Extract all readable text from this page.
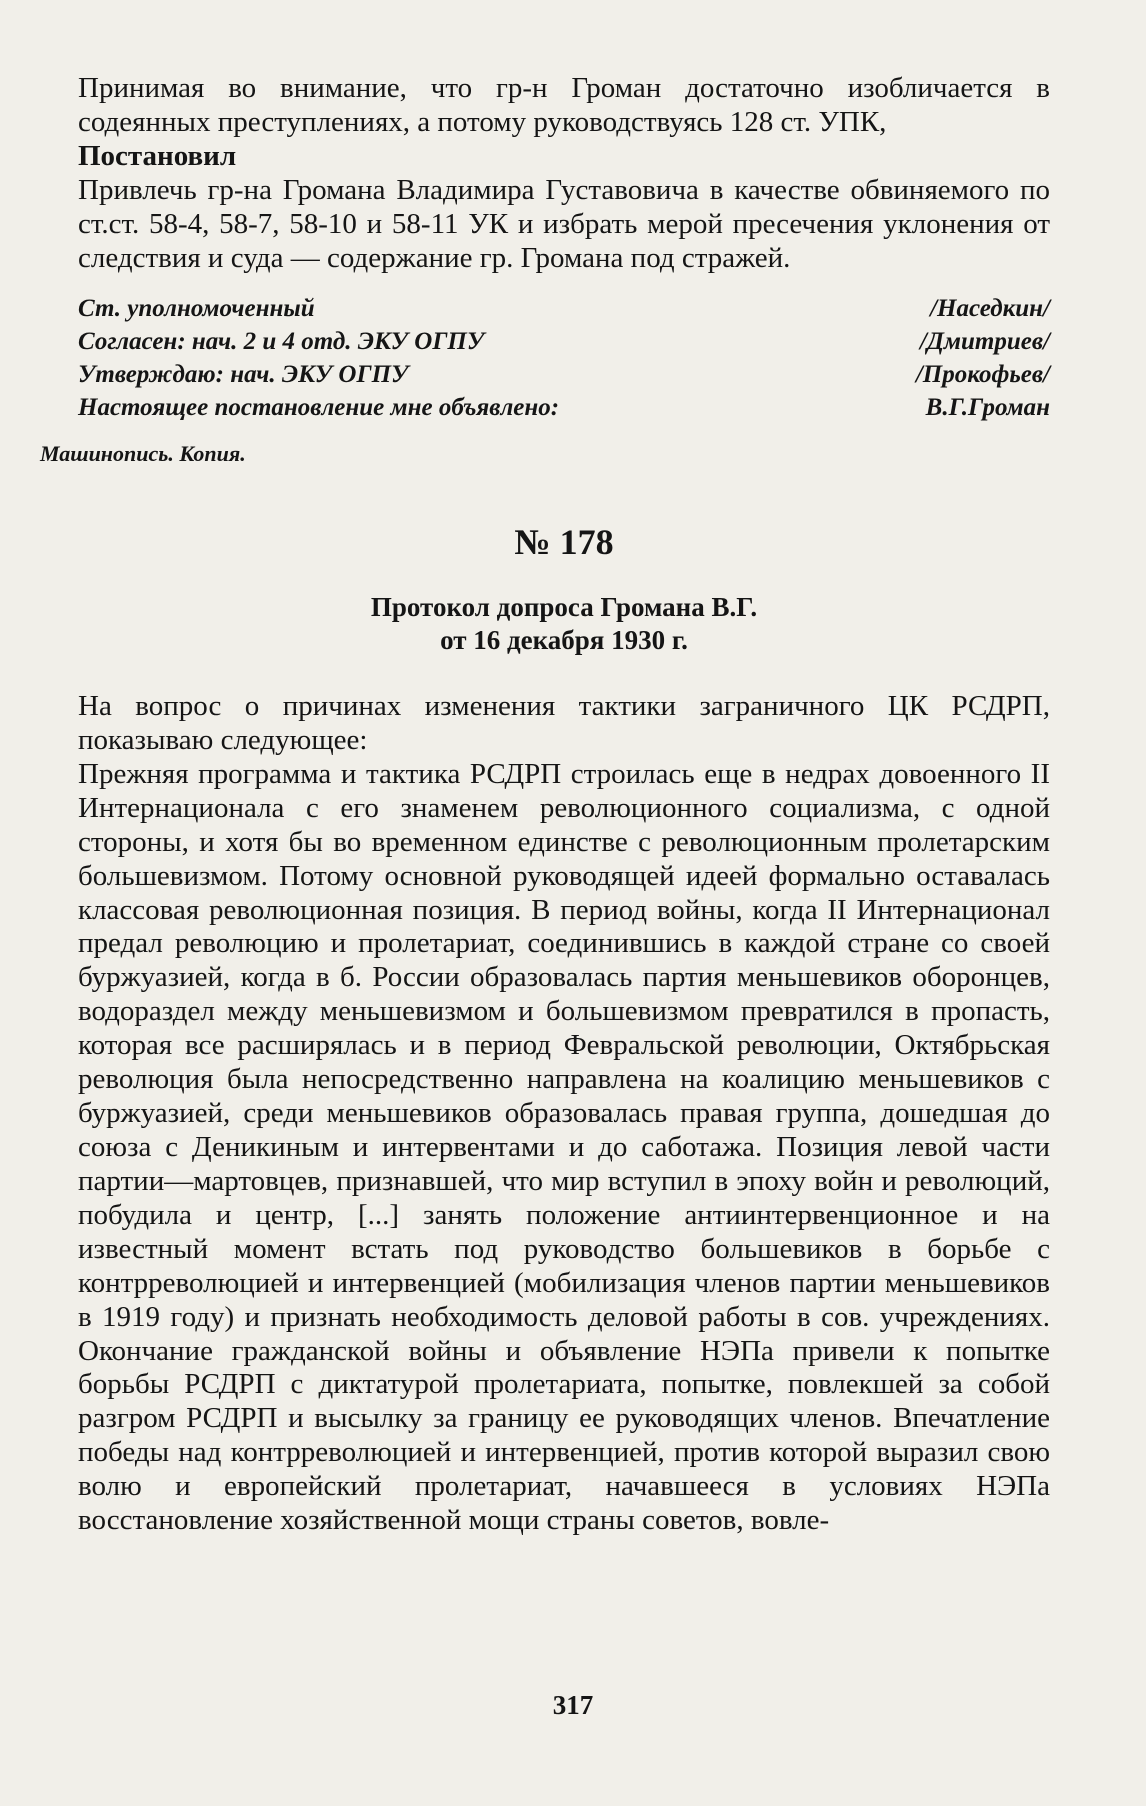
Принимая во внимание, что гр-н Громан достаточно изобличается в содеянных преступлениях, а потому руководствуясь 128 ст. УПК,

Постановил

Привлечь гр-на Громана Владимира Густавовича в качестве обвиняемого по ст.ст. 58-4, 58-7, 58-10 и 58-11 УК и избрать мерой пресечения уклонения от следствия и суда — содержание гр. Громана под стражей.

Ст. уполномоченный	/Наседкин/
Согласен: нач. 2 и 4 отд. ЭКУ ОГПУ	/Дмитриев/
Утверждаю: нач. ЭКУ ОГПУ	/Прокофьев/
Настоящее постановление мне объявлено:	В.Г.Громан
Машинопись. Копия.
№ 178
Протокол допроса Громана В.Г.
от 16 декабря 1930 г.

На вопрос о причинах изменения тактики заграничного ЦК РСДРП, показываю следующее:

Прежняя программа и тактика РСДРП строилась еще в недрах довоенного II Интернационала с его знаменем революционного социализма, с одной стороны, и хотя бы во временном единстве с революционным пролетарским большевизмом. Потому основной руководящей идеей формально оставалась классовая революционная позиция. В период войны, когда II Интернационал предал революцию и пролетариат, соединившись в каждой стране со своей буржуазией, когда в б. России образовалась партия меньшевиков оборонцев, водораздел между меньшевизмом и большевизмом превратился в пропасть, которая все расширялась и в период Февральской революции, Октябрьская революция была непосредственно направлена на коалицию меньшевиков с буржуазией, среди меньшевиков образовалась правая группа, дошедшая до союза с Деникиным и интервентами и до саботажа. Позиция левой части партии—мартовцев, признавшей, что мир вступил в эпоху войн и революций, побудила и центр, [...] занять положение антиинтервенционное и на известный момент встать под руководство большевиков в борьбе с контрреволюцией и интервенцией (мобилизация членов партии меньшевиков в 1919 году) и признать необходимость деловой работы в сов. учреждениях. Окончание гражданской войны и объявление НЭПа привели к попытке борьбы РСДРП с диктатурой пролетариата, попытке, повлекшей за собой разгром РСДРП и высылку за границу ее руководящих членов. Впечатление победы над контрреволюцией и интервенцией, против которой выразил свою волю и европейский пролетариат, начавшееся в условиях НЭПа восстановление хозяйственной мощи страны советов, вовле-

317
